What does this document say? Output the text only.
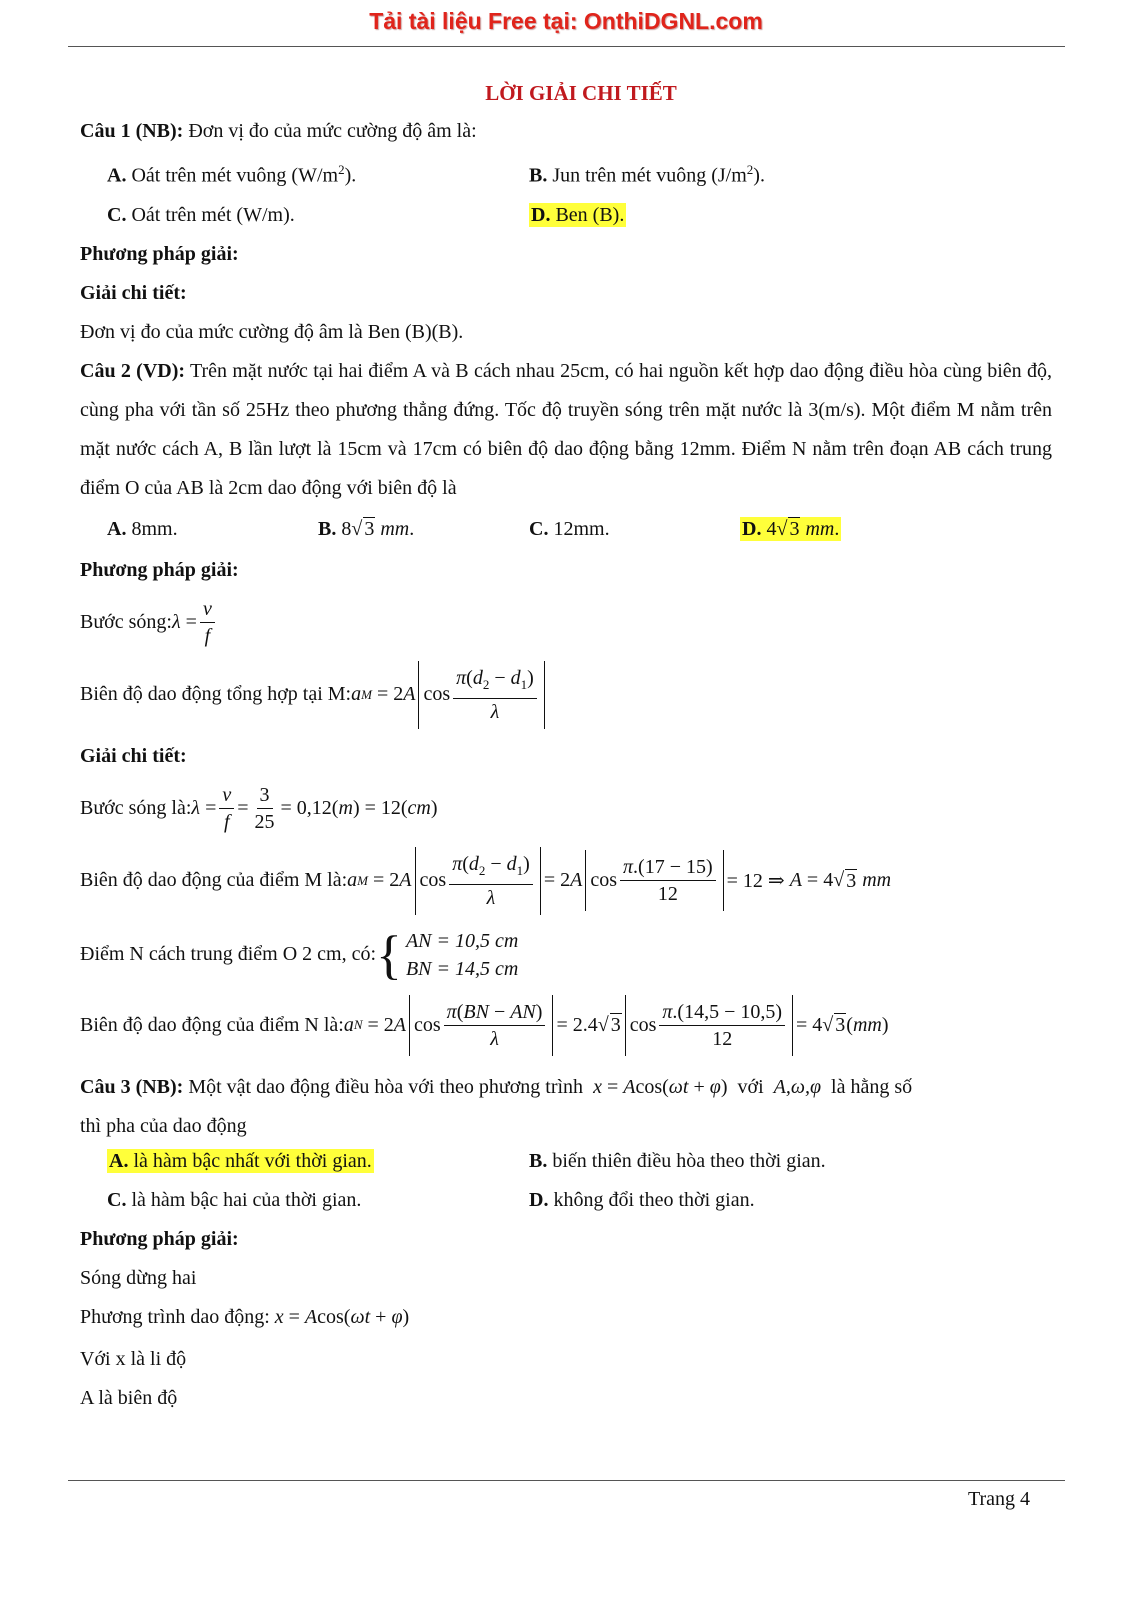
Tải tài liệu Free tại: OnthiDGNL.com
LỜI GIẢI CHI TIẾT
Câu 1 (NB): Đơn vị đo của mức cường độ âm là:
A. Oát trên mét vuông $(W/m^2)$.	B. Jun trên mét vuông $(J/m^2)$.
C. Oát trên mét (W/m).	D. Ben (B).
Phương pháp giải:
Giải chi tiết:
Đơn vị đo của mức cường độ âm là Ben (B)(B).
Câu 2 (VD): Trên mặt nước tại hai điểm A và B cách nhau 25cm, có hai nguồn kết hợp dao động điều hòa cùng biên độ, cùng pha với tần số 25Hz theo phương thẳng đứng. Tốc độ truyền sóng trên mặt nước là 3(m/s). Một điểm M nằm trên mặt nước cách A, B lần lượt là 15cm và 17cm có biên độ dao động bằng 12mm. Điểm N nằm trên đoạn AB cách trung điểm O của AB là 2cm dao động với biên độ là
A. 8mm.	B. 8√ 3 mm.	C. 12mm.	D. 4√ 3 mm.
Phương pháp giải:
Bước sóng: $\lambda = \frac{v}{f}$
Biên độ dao động tổng hợp tại M: a M = 2 A $\cos \frac{\pi(d_2 - d_1)}{\lambda}$
Giải chi tiết:
Bước sóng là: $\lambda = \frac{v}{f} = \frac{3}{25} = 0,12$( m ) = 12( cm )
Biên độ dao động của điểm M là: a M = 2 A $\cos \frac{\pi(d_2 - d_1)}{\lambda} = 2$ A $\cos \frac{\pi.(17 - 15)}{12} = 12$ ⇒ A = 4√ 3 mm
Điểm N cách trung điểm O 2 cm, có: { AN = 10,5 cm
BN = 14,5 cm
Biên độ dao động của điểm N là: a N = 2 A $\cos \frac{\pi(BN - AN)}{\lambda} = 2.4√$ 3 $\cos \frac{\pi.(14,5 - 10,5)}{12} = 4√$ 3 ( mm )
Câu 3 (NB): Một vật dao động điều hòa với theo phương trình x = Acos(ωt + φ)  với A,ω,φ là hằng số
thì pha của dao động
A. là hàm bậc nhất với thời gian.	B. biến thiên điều hòa theo thời gian.
C. là hàm bậc hai của thời gian.	D. không đổi theo thời gian.
Phương pháp giải:
Sóng dừng hai
Phương trình dao động: x = Acos(ωt + φ)
Với x là li độ
A là biên độ
Trang 4
